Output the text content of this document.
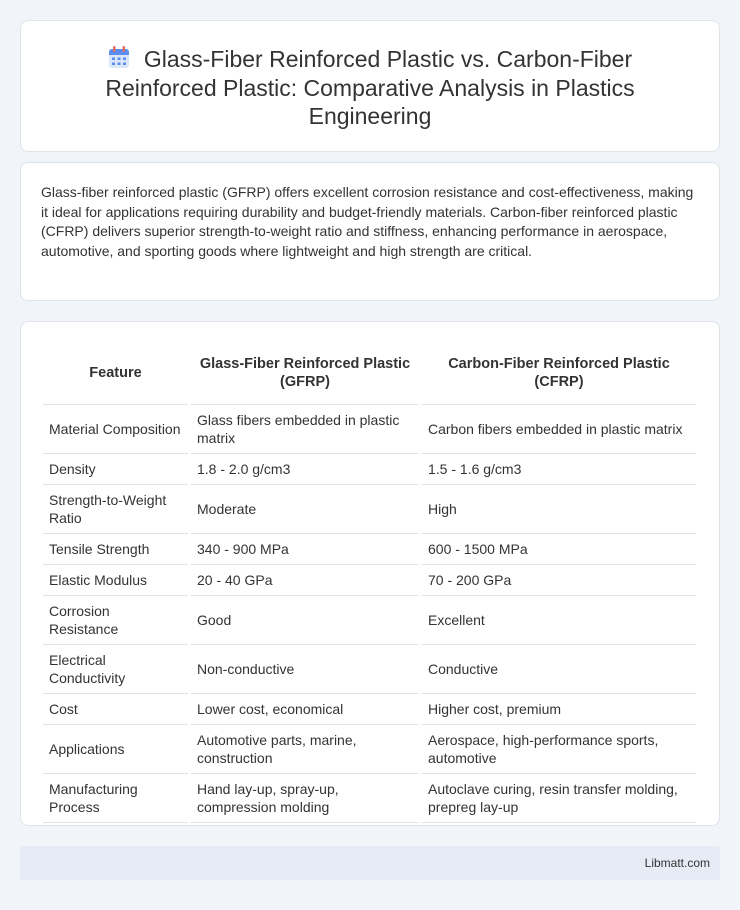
Glass-Fiber Reinforced Plastic vs. Carbon-Fiber Reinforced Plastic: Comparative Analysis in Plastics Engineering

Glass-fiber reinforced plastic (GFRP) offers excellent corrosion resistance and cost-effectiveness, making it ideal for applications requiring durability and budget-friendly materials. Carbon-fiber reinforced plastic (CFRP) delivers superior strength-to-weight ratio and stiffness, enhancing performance in aerospace, automotive, and sporting goods where lightweight and high strength are critical.

Feature	Glass-Fiber Reinforced Plastic (GFRP)	Carbon-Fiber Reinforced Plastic (CFRP)
Material Composition	Glass fibers embedded in plastic matrix	Carbon fibers embedded in plastic matrix
Density	1.8 - 2.0 g/cm3	1.5 - 1.6 g/cm3
Strength-to-Weight Ratio	Moderate	High
Tensile Strength	340 - 900 MPa	600 - 1500 MPa
Elastic Modulus	20 - 40 GPa	70 - 200 GPa
Corrosion Resistance	Good	Excellent
Electrical Conductivity	Non-conductive	Conductive
Cost	Lower cost, economical	Higher cost, premium
Applications	Automotive parts, marine, construction	Aerospace, high-performance sports, automotive
Manufacturing Process	Hand lay-up, spray-up, compression molding	Autoclave curing, resin transfer molding, prepreg lay-up
Libmatt.com
